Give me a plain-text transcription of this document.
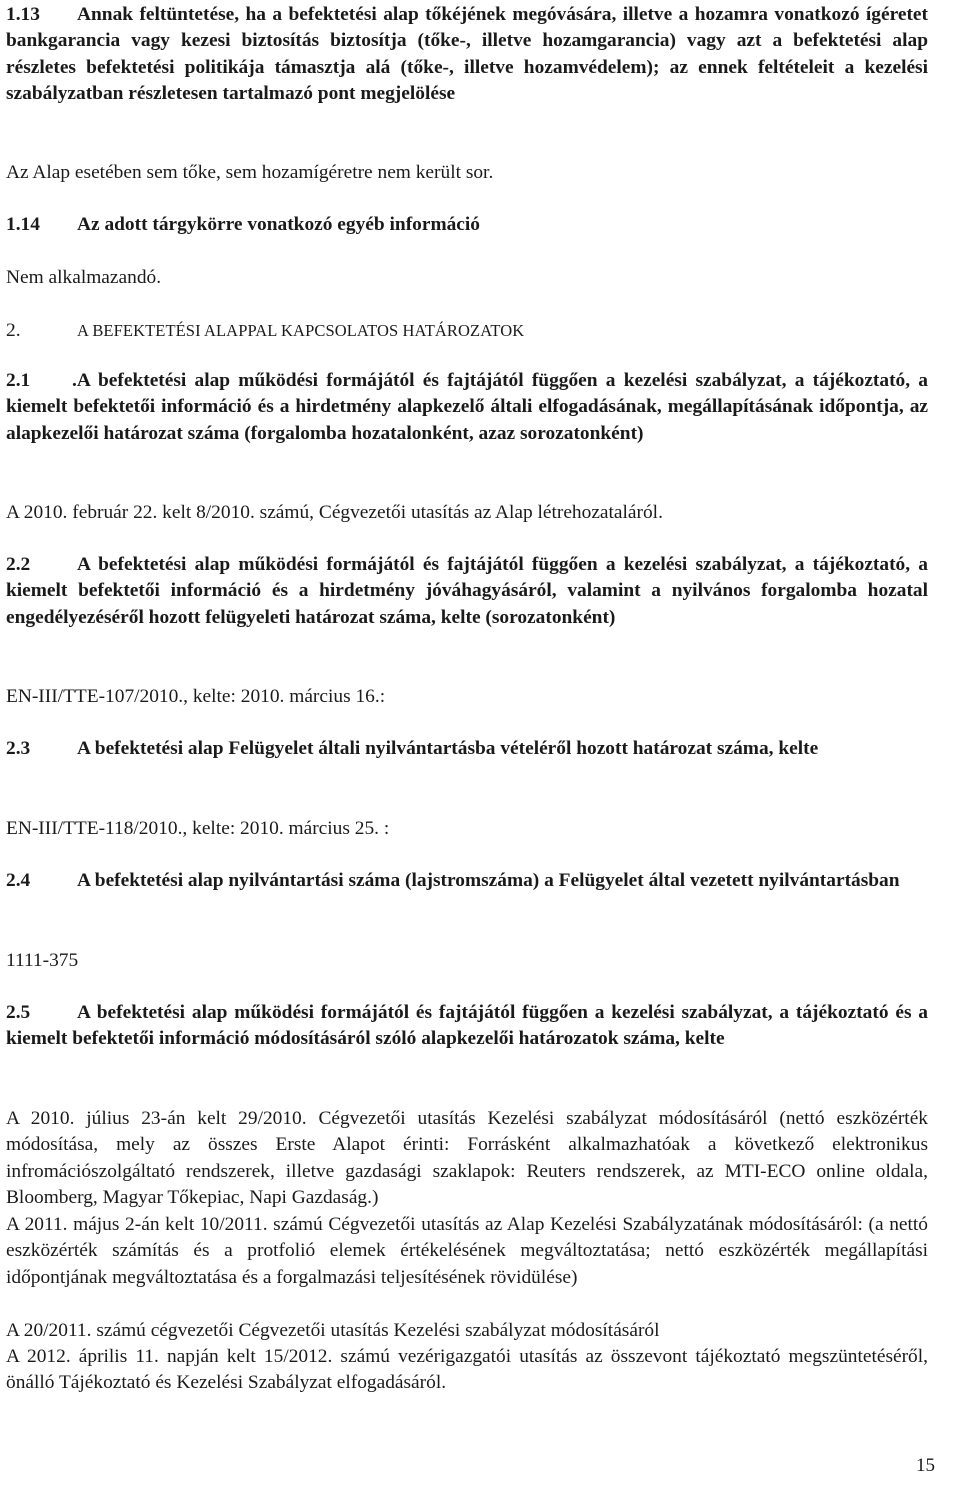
1.13 Annak feltüntetése, ha a befektetési alap tőkéjének megóvására, illetve a hozamra vonatkozó ígéretet bankgarancia vagy kezesi biztosítás biztosítja (tőke-, illetve hozamgarancia) vagy azt a befektetési alap részletes befektetési politikája támasztja alá (tőke-, illetve hozamvédelem); az ennek feltételeit a kezelési szabályzatban részletesen tartalmazó pont megjelölése
Az Alap esetében sem tőke, sem hozamígéretre nem került sor.
1.14 Az adott tárgykörre vonatkozó egyéb információ
Nem alkalmazandó.
2.	A BEFEKTETÉSI ALAPPAL KAPCSOLATOS HATÁROZATOK
2.1 .A befektetési alap működési formájától és fajtájától függően a kezelési szabályzat, a tájékoztató, a kiemelt befektetői információ és a hirdetmény alapkezelő általi elfogadásának, megállapításának időpontja, az alapkezelői határozat száma (forgalomba hozatalonként, azaz sorozatonként)
A 2010. február 22. kelt 8/2010. számú, Cégvezetői utasítás az Alap létrehozataláról.
2.2 A befektetési alap működési formájától és fajtájától függően a kezelési szabályzat, a tájékoztató, a kiemelt befektetői információ és a hirdetmény jóváhagyásáról, valamint a nyilvános forgalomba hozatal engedélyezéséről hozott felügyeleti határozat száma, kelte (sorozatonként)
EN-III/TTE-107/2010., kelte: 2010. március 16.:
2.3 A befektetési alap Felügyelet általi nyilvántartásba vételéről hozott határozat száma, kelte
EN-III/TTE-118/2010., kelte: 2010. március 25. :
2.4 A befektetési alap nyilvántartási száma (lajstromszáma) a Felügyelet által vezetett nyilvántartásban
1111-375
2.5 A befektetési alap működési formájától és fajtájától függően a kezelési szabályzat, a tájékoztató és a kiemelt befektetői információ módosításáról szóló alapkezelői határozatok száma, kelte
A 2010. július 23-án kelt 29/2010. Cégvezetői utasítás Kezelési szabályzat módosításáról (nettó eszközérték módosítása, mely az összes Erste Alapot érinti: Forrásként alkalmazhatóak a következő elektronikus infromációszolgáltató rendszerek, illetve gazdasági szaklapok: Reuters rendszerek, az MTI-ECO online oldala, Bloomberg, Magyar Tőkepiac, Napi Gazdaság.)
A 2011. május 2-án kelt 10/2011. számú Cégvezetői utasítás az Alap Kezelési Szabályzatának módosításáról: (a nettó eszközérték számítás és a protfolió elemek értékelésének megváltoztatása; nettó eszközérték megállapítási időpontjának megváltoztatása és a forgalmazási teljesítésének rövidülése)
A 20/2011. számú cégvezetői Cégvezetői utasítás Kezelési szabályzat módosításáról
A 2012. április 11. napján kelt 15/2012. számú vezérigazgatói utasítás az összevont tájékoztató megszüntetéséről, önálló Tájékoztató és Kezelési Szabályzat elfogadásáról.
15
